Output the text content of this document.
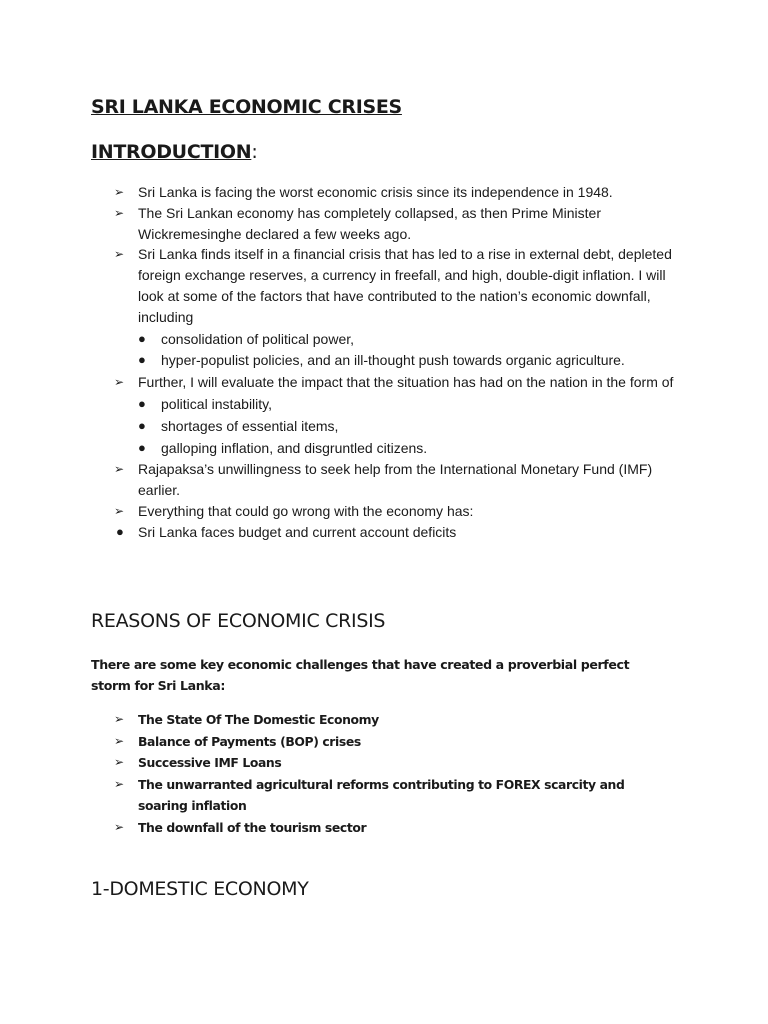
SRI LANKA ECONOMIC CRISES
INTRODUCTION:
➢ Sri Lanka is facing the worst economic crisis since its independence in 1948.
➢ The Sri Lankan economy has completely collapsed, as then Prime Minister Wickremesinghe declared a few weeks ago.
➢ Sri Lanka finds itself in a financial crisis that has led to a rise in external debt, depleted foreign exchange reserves, a currency in freefall, and high, double-digit inflation. I will look at some of the factors that have contributed to the nation’s economic downfall, including
● consolidation of political power,
● hyper-populist policies, and an ill-thought push towards organic agriculture.
➢ Further, I will evaluate the impact that the situation has had on the nation in the form of
● political instability,
● shortages of essential items,
● galloping inflation, and disgruntled citizens.
➢ Rajapaksa’s unwillingness to seek help from the International Monetary Fund (IMF) earlier.
➢ Everything that could go wrong with the economy has:
● Sri Lanka faces budget and current account deficits
REASONS OF ECONOMIC CRISIS
There are some key economic challenges that have created a proverbial perfect storm for Sri Lanka:
➢ The State Of The Domestic Economy
➢ Balance of Payments (BOP) crises
➢ Successive IMF Loans
➢ The unwarranted agricultural reforms contributing to FOREX scarcity and soaring inflation
➢ The downfall of the tourism sector
1-DOMESTIC ECONOMY
